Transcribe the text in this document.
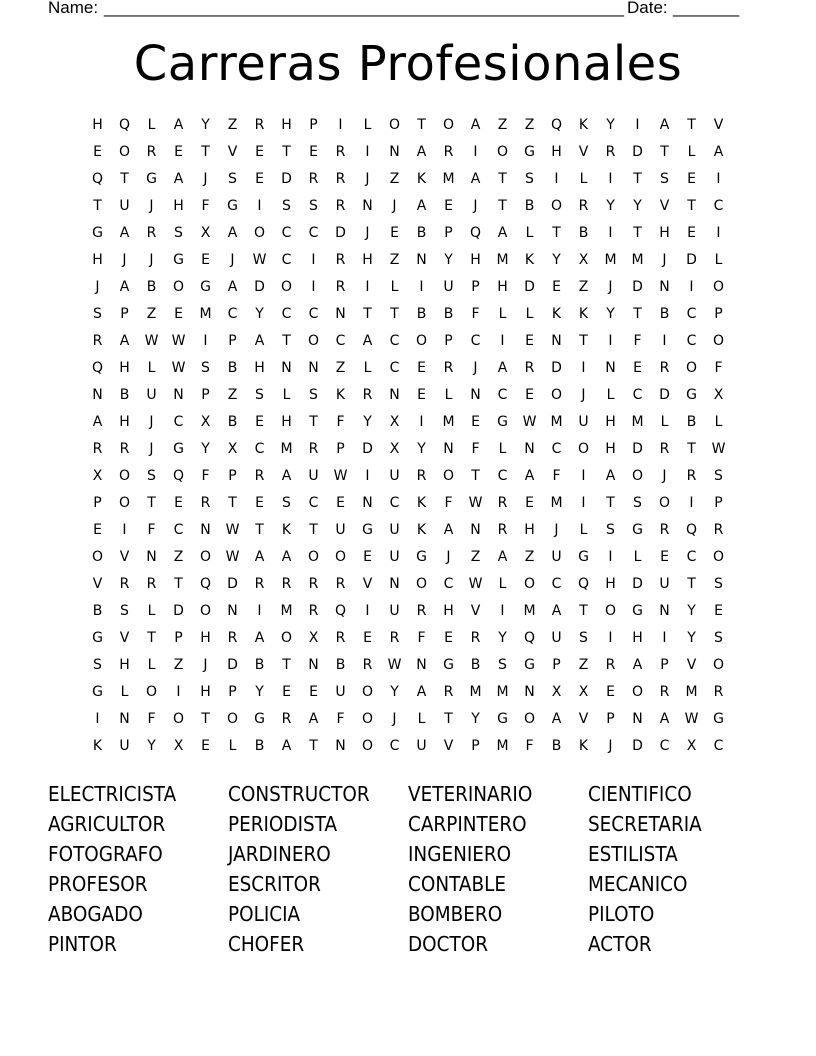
Name: _______________________________________________________ Date: _______
Carreras Profesionales
H	Q	L	A	Y	Z	R	H	P	I	L	O	T	O	A	Z	Z	Q	K	Y	I	A	T	V
E	O	R	E	T	V	E	T	E	R	I	N	A	R	I	O	G	H	V	R	D	T	L	A
Q	T	G	A	J	S	E	D	R	R	J	Z	K	M	A	T	S	I	L	I	T	S	E	I
T	U	J	H	F	G	I	S	S	R	N	J	A	E	J	T	B	O	R	Y	Y	V	T	C
G	A	R	S	X	A	O	C	C	D	J	E	B	P	Q	A	L	T	B	I	T	H	E	I
H	J	J	G	E	J	W	C	I	R	H	Z	N	Y	H	M	K	Y	X	M	M	J	D	L
J	A	B	O	G	A	D	O	I	R	I	L	I	U	P	H	D	E	Z	J	D	N	I	O
S	P	Z	E	M	C	Y	C	C	N	T	T	B	B	F	L	L	K	K	Y	T	B	C	P
R	A	W W	I	P	A	T	O	C	A	C	O	P	C	I	E	N	T	I	F	I	C	O
Q	H	L	W	S	B	H	N	N	Z	L	C	E	R	J	A	R	D	I	N	E	R	O	F
N	B	U	N	P	Z	S	L	S	K	R	N	E	L	N	C	E	O	J	L	C	D	G	X
A	H	J	C	X	B	E	H	T	F	Y	X	I	M	E	G	W	M	U	H	M	L	B	L
R	R	J	G	Y	X	C	M	R	P	D	X	Y	N	F	L	N	C	O	H	D	R	T	W
X	O	S	Q	F	P	R	A	U	W	I	U	R	O	T	C	A	F	I	A	O	J	R	S
P	O	T	E	R	T	E	S	C	E	N	C	K	F	W	R	E	M	I	T	S	O	I	P
E	I	F	C	N	W	T	K	T	U	G	U	K	A	N	R	H	J	L	S	G	R	Q	R
O	V	N	Z	O	W	A	A	O	O	E	U	G	J	Z	A	Z	U	G	I	L	E	C	O
V	R	R	T	Q	D	R	R	R	R	V	N	O	C	W	L	O	C	Q	H	D	U	T	S
B	S	L	D	O	N	I	M	R	Q	I	U	R	H	V	I	M	A	T	O	G	N	Y	E
G	V	T	P	H	R	A	O	X	R	E	R	F	E	R	Y	Q	U	S	I	H	I	Y	S
S	H	L	Z	J	D	B	T	N	B	R	W	N	G	B	S	G	P	Z	R	A	P	V	O
G	L	O	I	H	P	Y	E	E	U	O	Y	A	R	M	M	N	X	X	E	O	R	M	R
I	N	F	O	T	O	G	R	A	F	O	J	L	T	Y	G	O	A	V	P	N	A	W	G
K	U	Y	X	E	L	B	A	T	N	O	C	U	V	P	M	F	B	K	J	D	C	X	C
ELECTRICISTA	CONSTRUCTOR	VETERINARIO	CIENTIFICO
AGRICULTOR	PERIODISTA	CARPINTERO	SECRETARIA
FOTOGRAFO	JARDINERO	INGENIERO	ESTILISTA
PROFESOR	ESCRITOR	CONTABLE	MECANICO
ABOGADO	POLICIA	BOMBERO	PILOTO
PINTOR	CHOFER	DOCTOR	ACTOR
